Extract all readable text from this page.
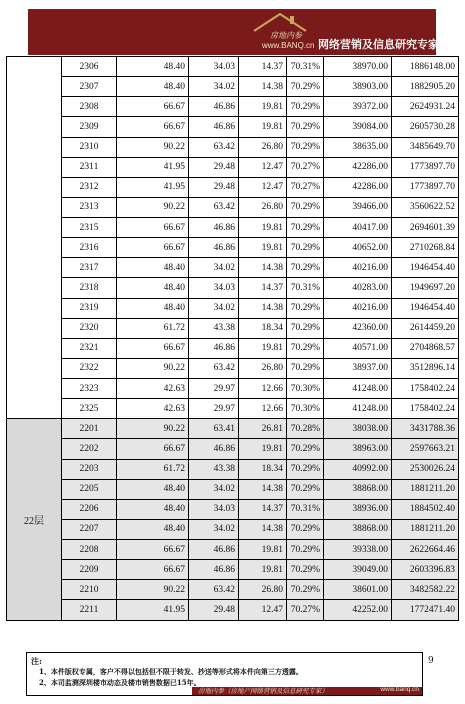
房地内参
www.BANQ.cn 网络营销及信息研究专家
	2306	48.40	34.03	14.37	70.31%	38970.00	1886148.00
	2307	48.40	34.02	14.38	70.29%	38903.00	1882905.20
	2308	66.67	46.86	19.81	70.29%	39372.00	2624931.24
	2309	66.67	46.86	19.81	70.29%	39084.00	2605730.28
	2310	90.22	63.42	26.80	70.29%	38635.00	3485649.70
	2311	41.95	29.48	12.47	70.27%	42286.00	1773897.70
	2312	41.95	29.48	12.47	70.27%	42286.00	1773897.70
	2313	90.22	63.42	26.80	70.29%	39466.00	3560622.52
	2315	66.67	46.86	19.81	70.29%	40417.00	2694601.39
	2316	66.67	46.86	19.81	70.29%	40652.00	2710268.84
	2317	48.40	34.02	14.38	70.29%	40216.00	1946454.40
	2318	48.40	34.03	14.37	70.31%	40283.00	1949697.20
	2319	48.40	34.02	14.38	70.29%	40216.00	1946454.40
	2320	61.72	43.38	18.34	70.29%	42360.00	2614459.20
	2321	66.67	46.86	19.81	70.29%	40571.00	2704868.57
	2322	90.22	63.42	26.80	70.29%	38937.00	3512896.14
	2323	42.63	29.97	12.66	70.30%	41248.00	1758402.24
	2325	42.63	29.97	12.66	70.30%	41248.00	1758402.24
22层	2201	90.22	63.41	26.81	70.28%	38038.00	3431788.36
	2202	66.67	46.86	19.81	70.29%	38963.00	2597663.21
	2203	61.72	43.38	18.34	70.29%	40992.00	2530026.24
	2205	48.40	34.02	14.38	70.29%	38868.00	1881211.20
	2206	48.40	34.03	14.37	70.31%	38936.00	1884502.40
	2207	48.40	34.02	14.38	70.29%	38868.00	1881211.20
	2208	66.67	46.86	19.81	70.29%	39338.00	2622664.46
	2209	66.67	46.86	19.81	70.29%	39049.00	2603396.83
	2210	90.22	63.42	26.80	70.29%	38601.00	3482582.22
	2211	41.95	29.48	12.47	70.27%	42252.00	1772471.40
注:
1、本件版权专属，客户不得以包括但不限于转发、抄送等形式将本件向第三方透露。
2、本司监测深圳楼市动态及楼市销售数据已15年。
房地内参（房地产网络营销及信息研究专家）	www.banq.cn
9
